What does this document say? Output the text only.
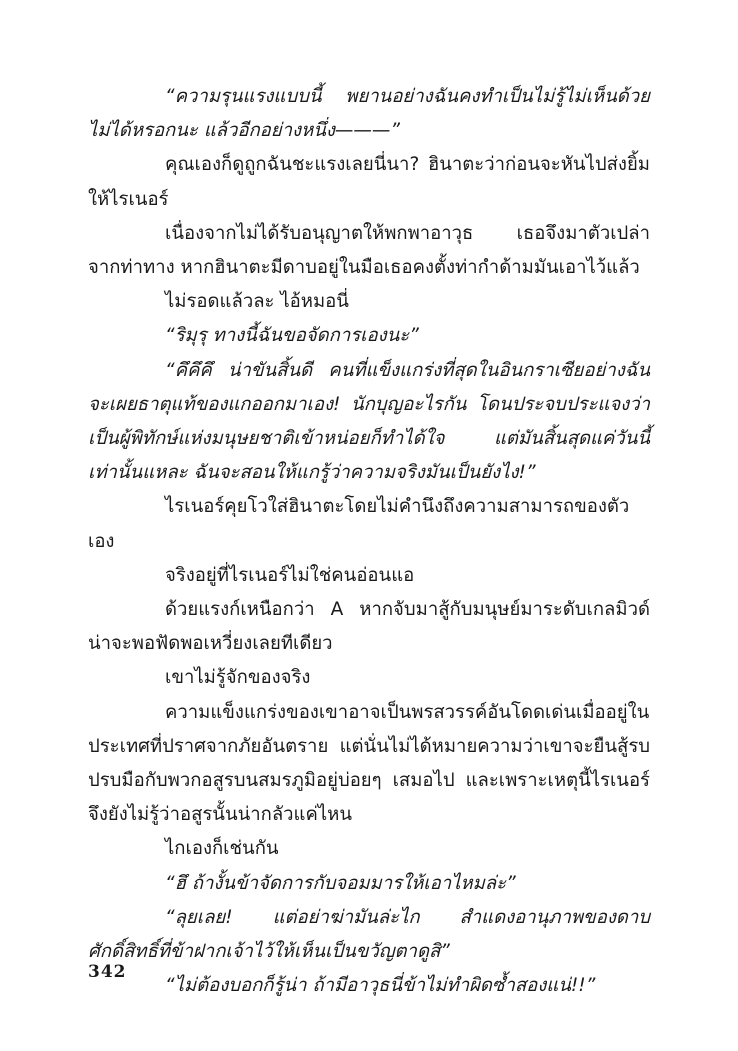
“ความรุนแรงแบบนี้ พยานอย่างฉันคงทำเป็นไม่รู้ไม่เห็นด้วยไม่ได้หรอกนะ แล้วอีกอย่างหนึ่ง———”

คุณเองก็ดูถูกฉันชะแรงเลยนี่นา? ฮินาตะว่าก่อนจะหันไปส่งยิ้มให้ไรเนอร์

เนื่องจากไม่ได้รับอนุญาตให้พกพาอาวุธ เธอจึงมาตัวเปล่า จากท่าทาง หากฮินาตะมีดาบอยู่ในมือเธอคงตั้งท่ากำด้ามมันเอาไว้แล้ว

ไม่รอดแล้วละ ไอ้หมอนี่

“ริมุรุ ทางนี้ฉันขอจัดการเองนะ”

“คึคึคึ น่าขันสิ้นดี คนที่แข็งแกร่งที่สุดในอินกราเซียอย่างฉันจะเผยธาตุแท้ของแกออกมาเอง! นักบุญอะไรกัน โดนประจบประแจงว่าเป็นผู้พิทักษ์แห่งมนุษยชาติเข้าหน่อยก็ทำได้ใจ แต่มันสิ้นสุดแค่วันนี้เท่านั้นแหละ ฉันจะสอนให้แกรู้ว่าความจริงมันเป็นยังไง!”

ไรเนอร์คุยโวใส่ฮินาตะโดยไม่คำนึงถึงความสามารถของตัวเอง

จริงอยู่ที่ไรเนอร์ไม่ใช่คนอ่อนแอ

ด้วยแรงก์เหนือกว่า A หากจับมาสู้กับมนุษย์มาระดับเกลมิวด์น่าจะพอฟัดพอเหวี่ยงเลยทีเดียว

เขาไม่รู้จักของจริง

ความแข็งแกร่งของเขาอาจเป็นพรสวรรค์อันโดดเด่นเมื่ออยู่ในประเทศที่ปราศจากภัยอันตราย แต่นั่นไม่ได้หมายความว่าเขาจะยืนสู้รบปรบมือกับพวกอสูรบนสมรภูมิอยู่บ่อยๆ เสมอไป และเพราะเหตุนี้ไรเนอร์จึงยังไม่รู้ว่าอสูรนั้นน่ากลัวแค่ไหน

ไกเองก็เช่นกัน

“ฮึ ถ้างั้นข้าจัดการกับจอมมารให้เอาไหมล่ะ”

“ลุยเลย! แต่อย่าฆ่ามันล่ะไก สำแดงอานุภาพของดาบศักดิ์สิทธิ์ที่ข้าฝากเจ้าไว้ให้เห็นเป็นขวัญตาดูสิ”

“ไม่ต้องบอกก็รู้น่า ถ้ามีอาวุธนี่ข้าไม่ทำผิดซ้ำสองแน่!!”

342
